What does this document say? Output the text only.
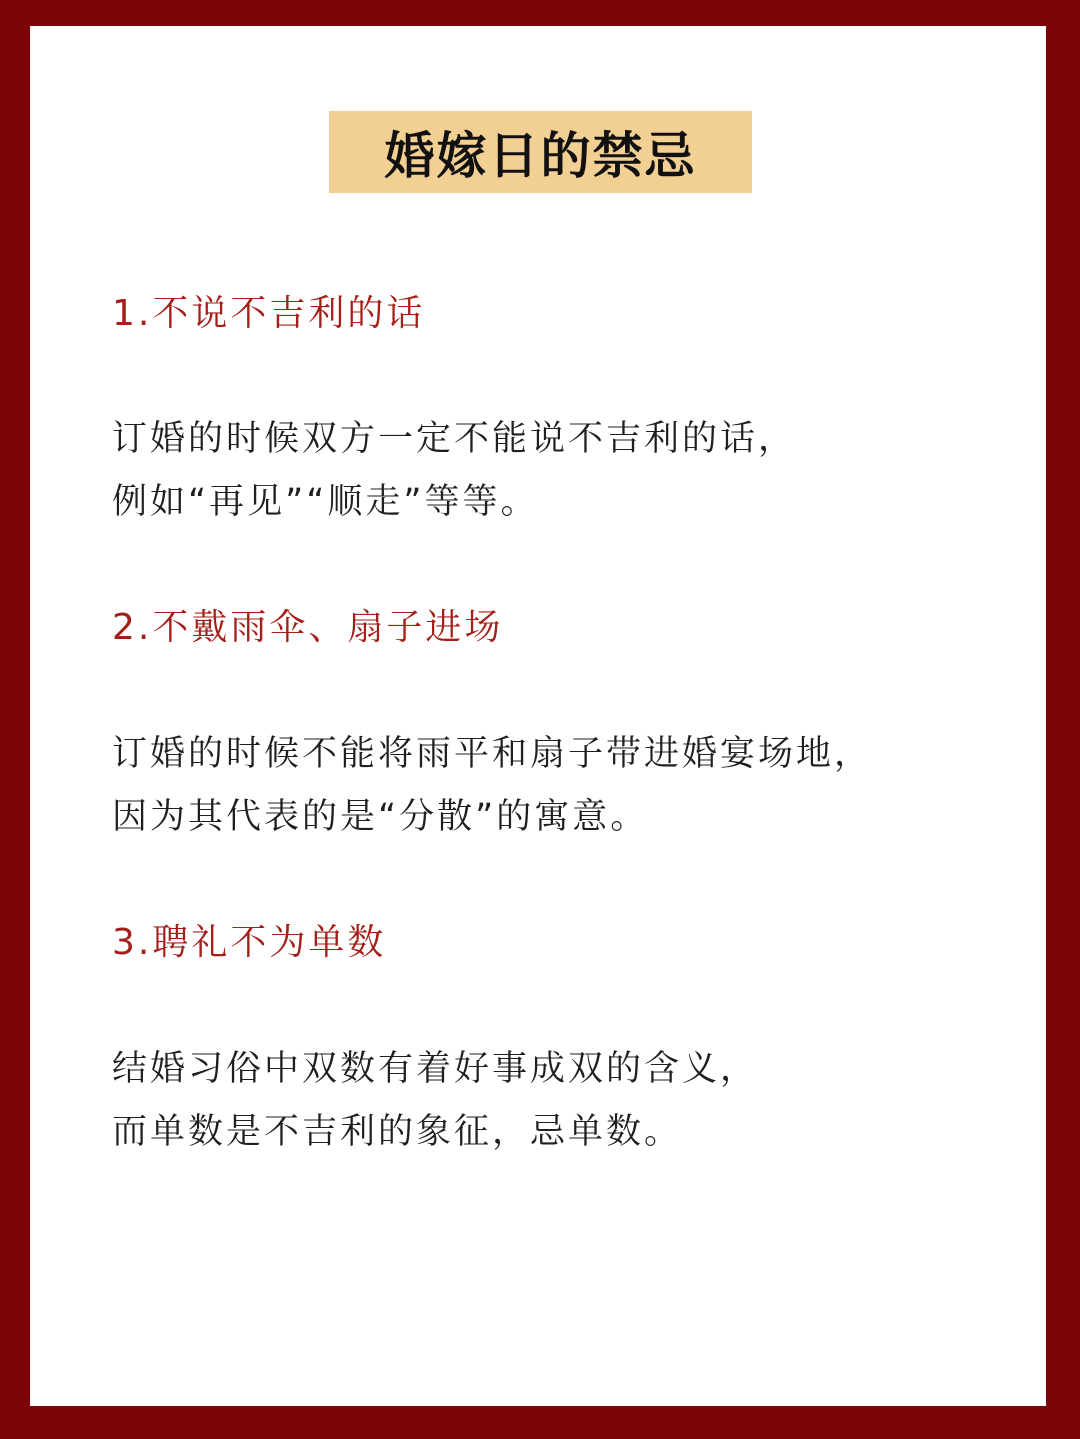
婚嫁日的禁忌
1.不说不吉利的话
订婚的时候双方一定不能说不吉利的话，
例如“再见”“顺走”等等。
2.不戴雨伞、扇子进场
订婚的时候不能将雨平和扇子带进婚宴场地，
因为其代表的是“分散”的寓意。
3.聘礼不为单数
结婚习俗中双数有着好事成双的含义，
而单数是不吉利的象征，忌单数。
